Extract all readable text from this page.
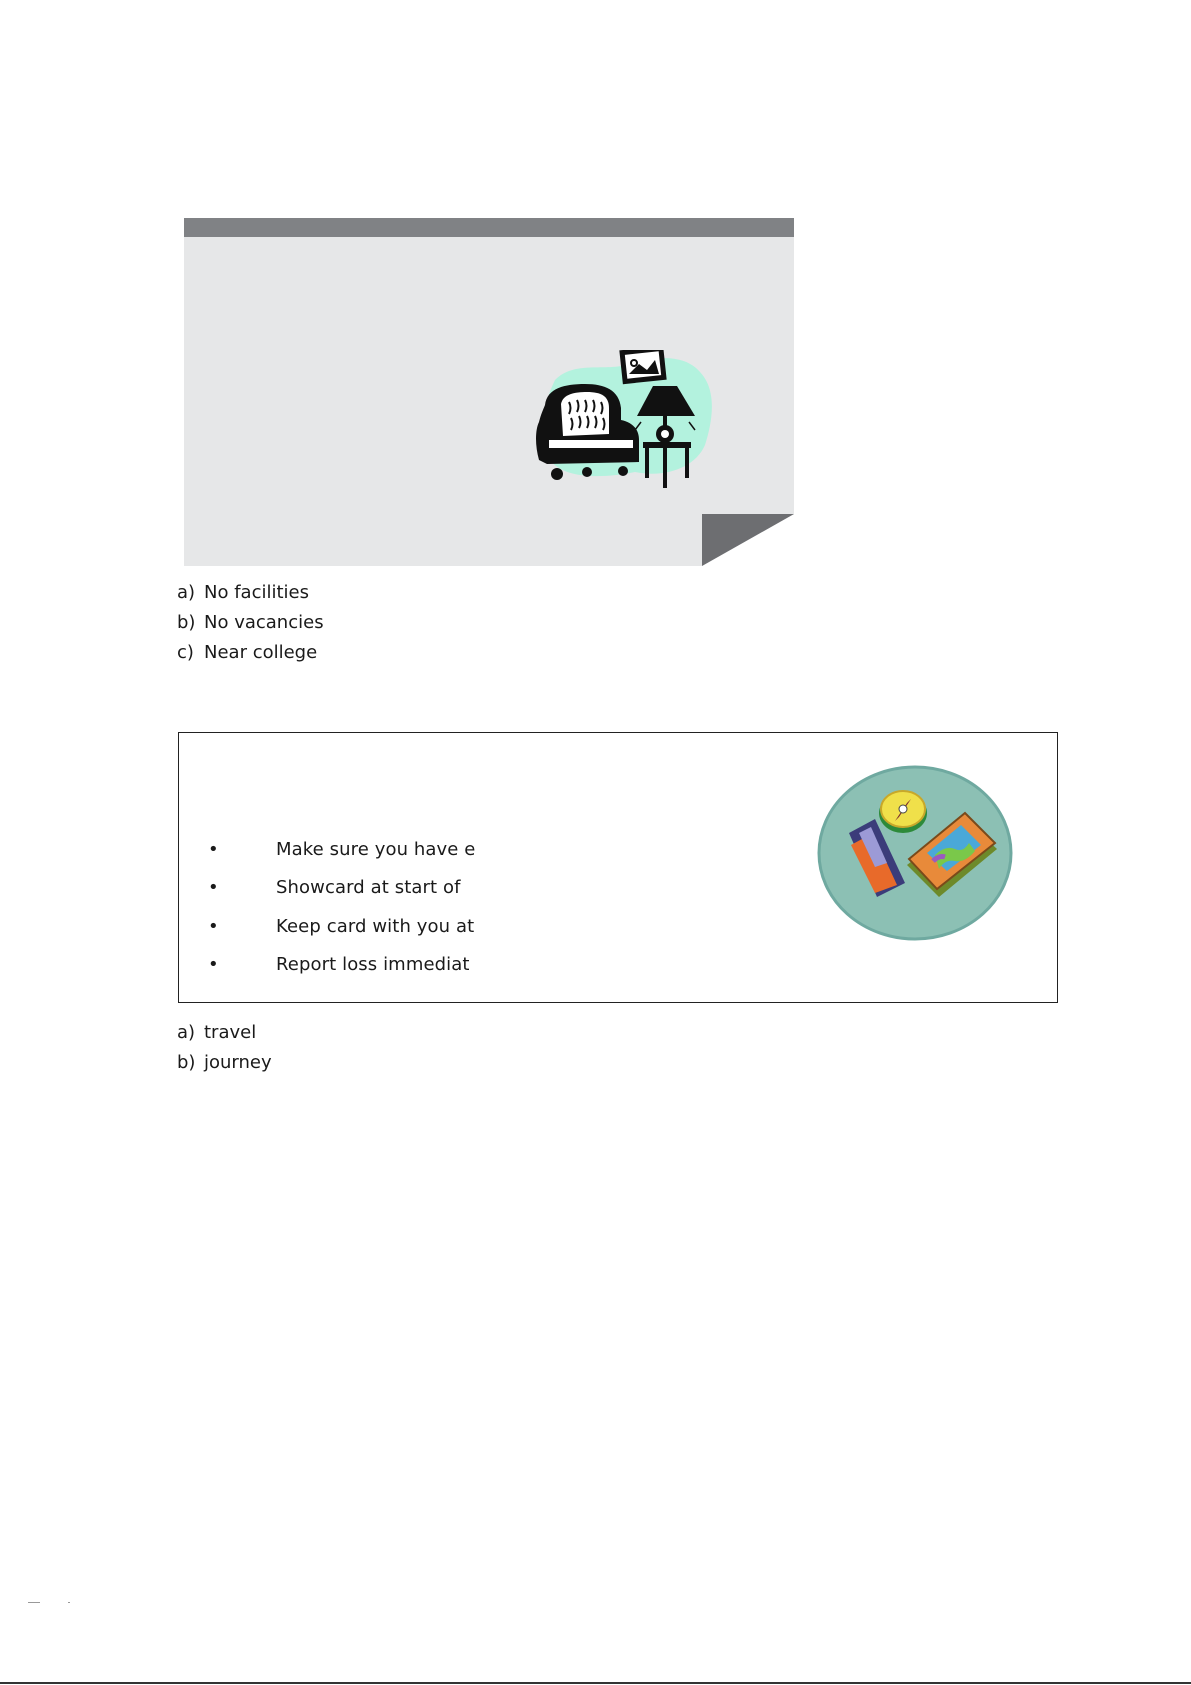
a) No facilities
b) No vacancies
c) Near college
•	Make sure you have e
•	Showcard at start of
•	Keep card with you at
•	Report loss immediat
a) travel
b) journey
